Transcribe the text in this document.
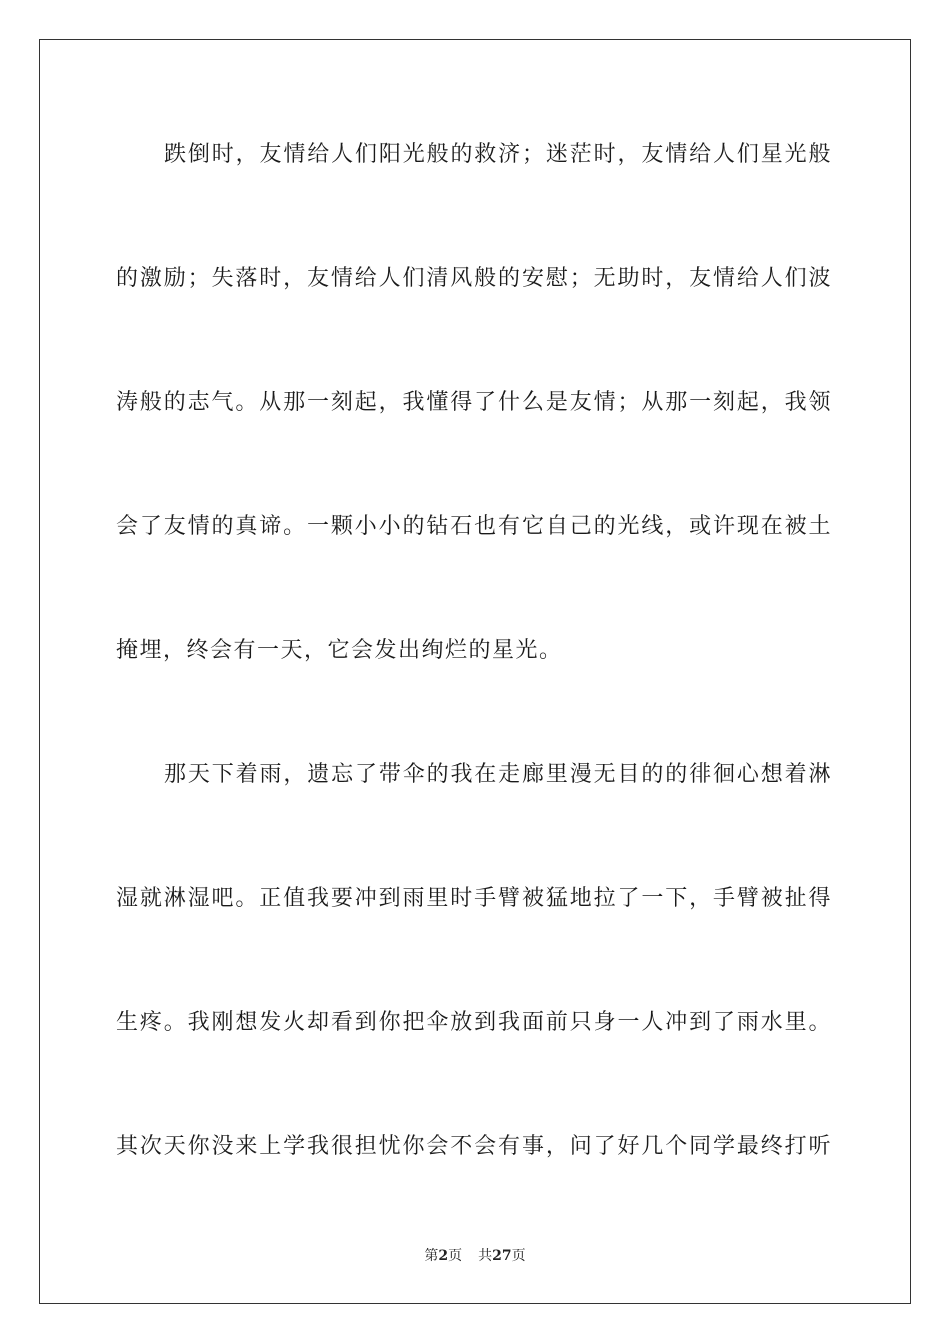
跌倒时，友情给人们阳光般的救济；迷茫时，友情给人们星光般
的激励；失落时，友情给人们清风般的安慰；无助时，友情给人们波
涛般的志气。从那一刻起，我懂得了什么是友情；从那一刻起，我领
会了友情的真谛。一颗小小的钻石也有它自己的光线，或许现在被土
掩埋，终会有一天，它会发出绚烂的星光。
那天下着雨，遗忘了带伞的我在走廊里漫无目的的徘徊心想着淋
湿就淋湿吧。正值我要冲到雨里时手臂被猛地拉了一下，手臂被扯得
生疼。我刚想发火却看到你把伞放到我面前只身一人冲到了雨水里。
其次天你没来上学我很担忧你会不会有事，问了好几个同学最终打听
第2页 共27页
